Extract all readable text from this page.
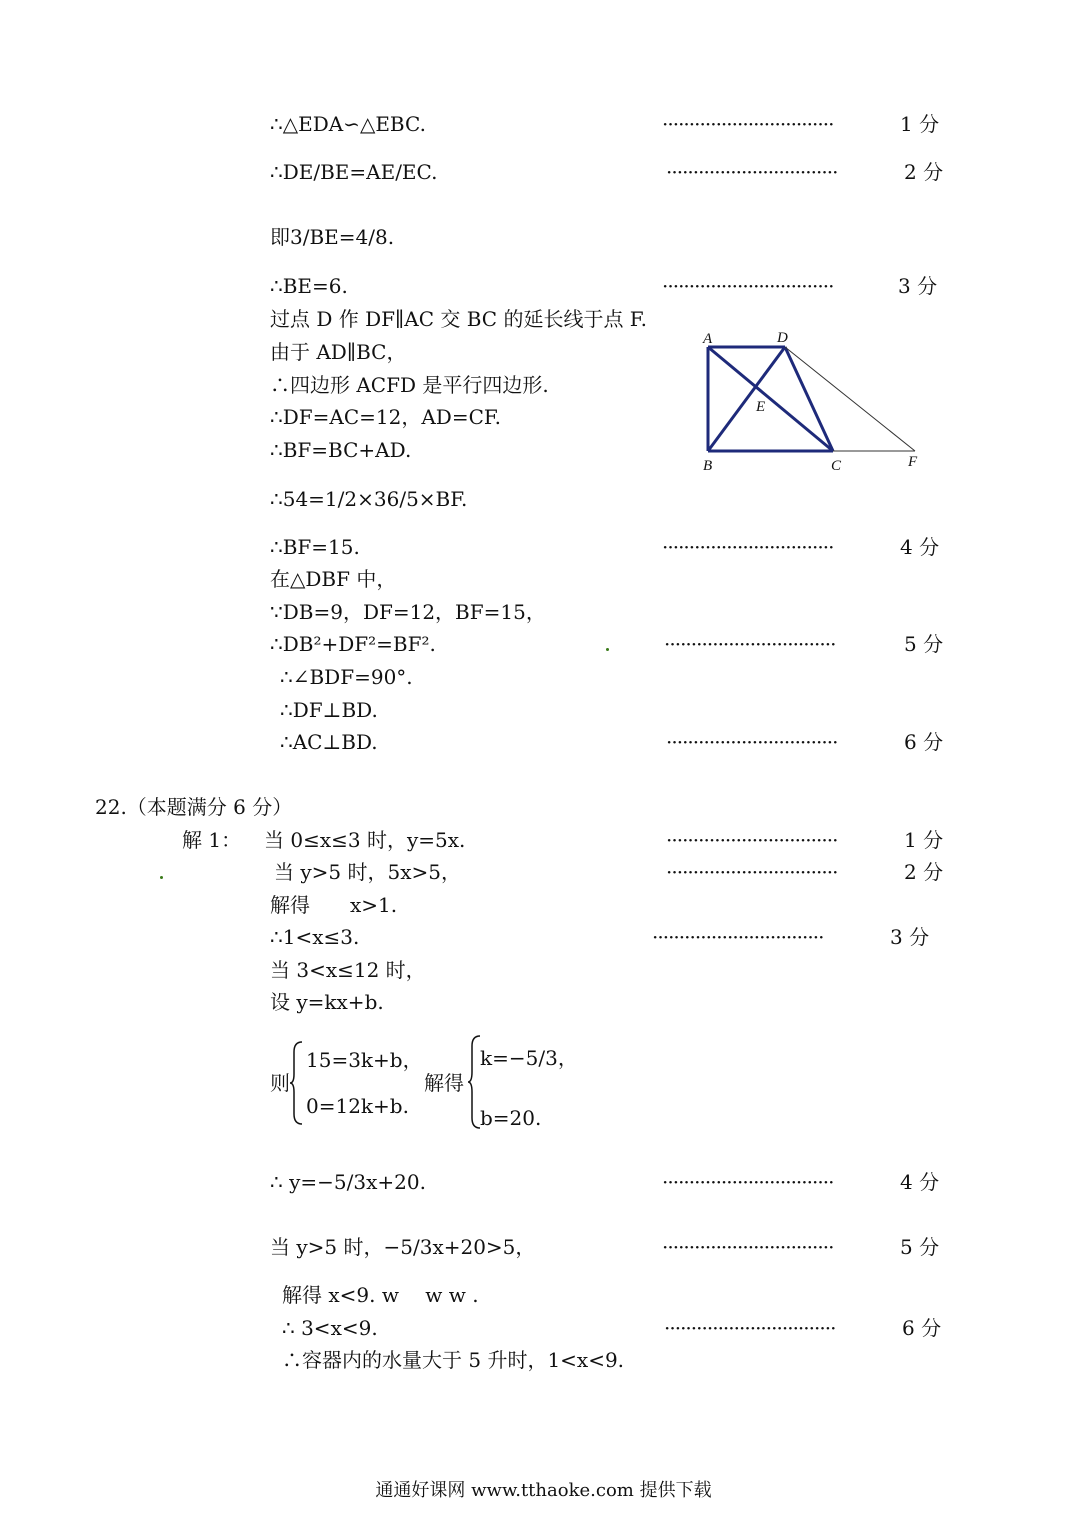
∴△EDA∽△EBC.	································	1 分
∴DE/BE=AE/EC.	································	2 分
即3/BE=4/8.
∴BE=6.	································	3 分
过点 D 作 DF∥AC 交 BC 的延长线于点 F.
由于 AD∥BC，
∴四边形 ACFD 是平行四边形.
∴DF=AC=12，AD=CF.
∴BF=BC+AD.
∴54=1/2×36/5×BF.
∴BF=15.	································	4 分
在△DBF 中，
∵DB=9，DF=12，BF=15，
∴DB²+DF²=BF².	································	5 分
∴∠BDF=90°.
∴DF⊥BD.
∴AC⊥BD.	································	6 分
A	D
E
B	C	F
22.（本题满分 6 分）
解 1： 当 0≤x≤3 时，y=5x.	································	1 分
当 y>5 时，5x>5，	································	2 分
解得　　x>1.
∴1<x≤3.	································	3 分
当 3<x≤12 时，
设 y=kx+b.
则
15=3k+b，
0=12k+b.
解得
k=−5/3，
b=20.
∴ y=−5/3x+20.	································	4 分
当 y>5 时，−5/3x+20>5，	································	5 分
解得 x<9. w　 w w .
∴ 3<x<9.	································	6 分
∴容器内的水量大于 5 升时，1<x<9.
通通好课网 www.tthaoke.com 提供下载
